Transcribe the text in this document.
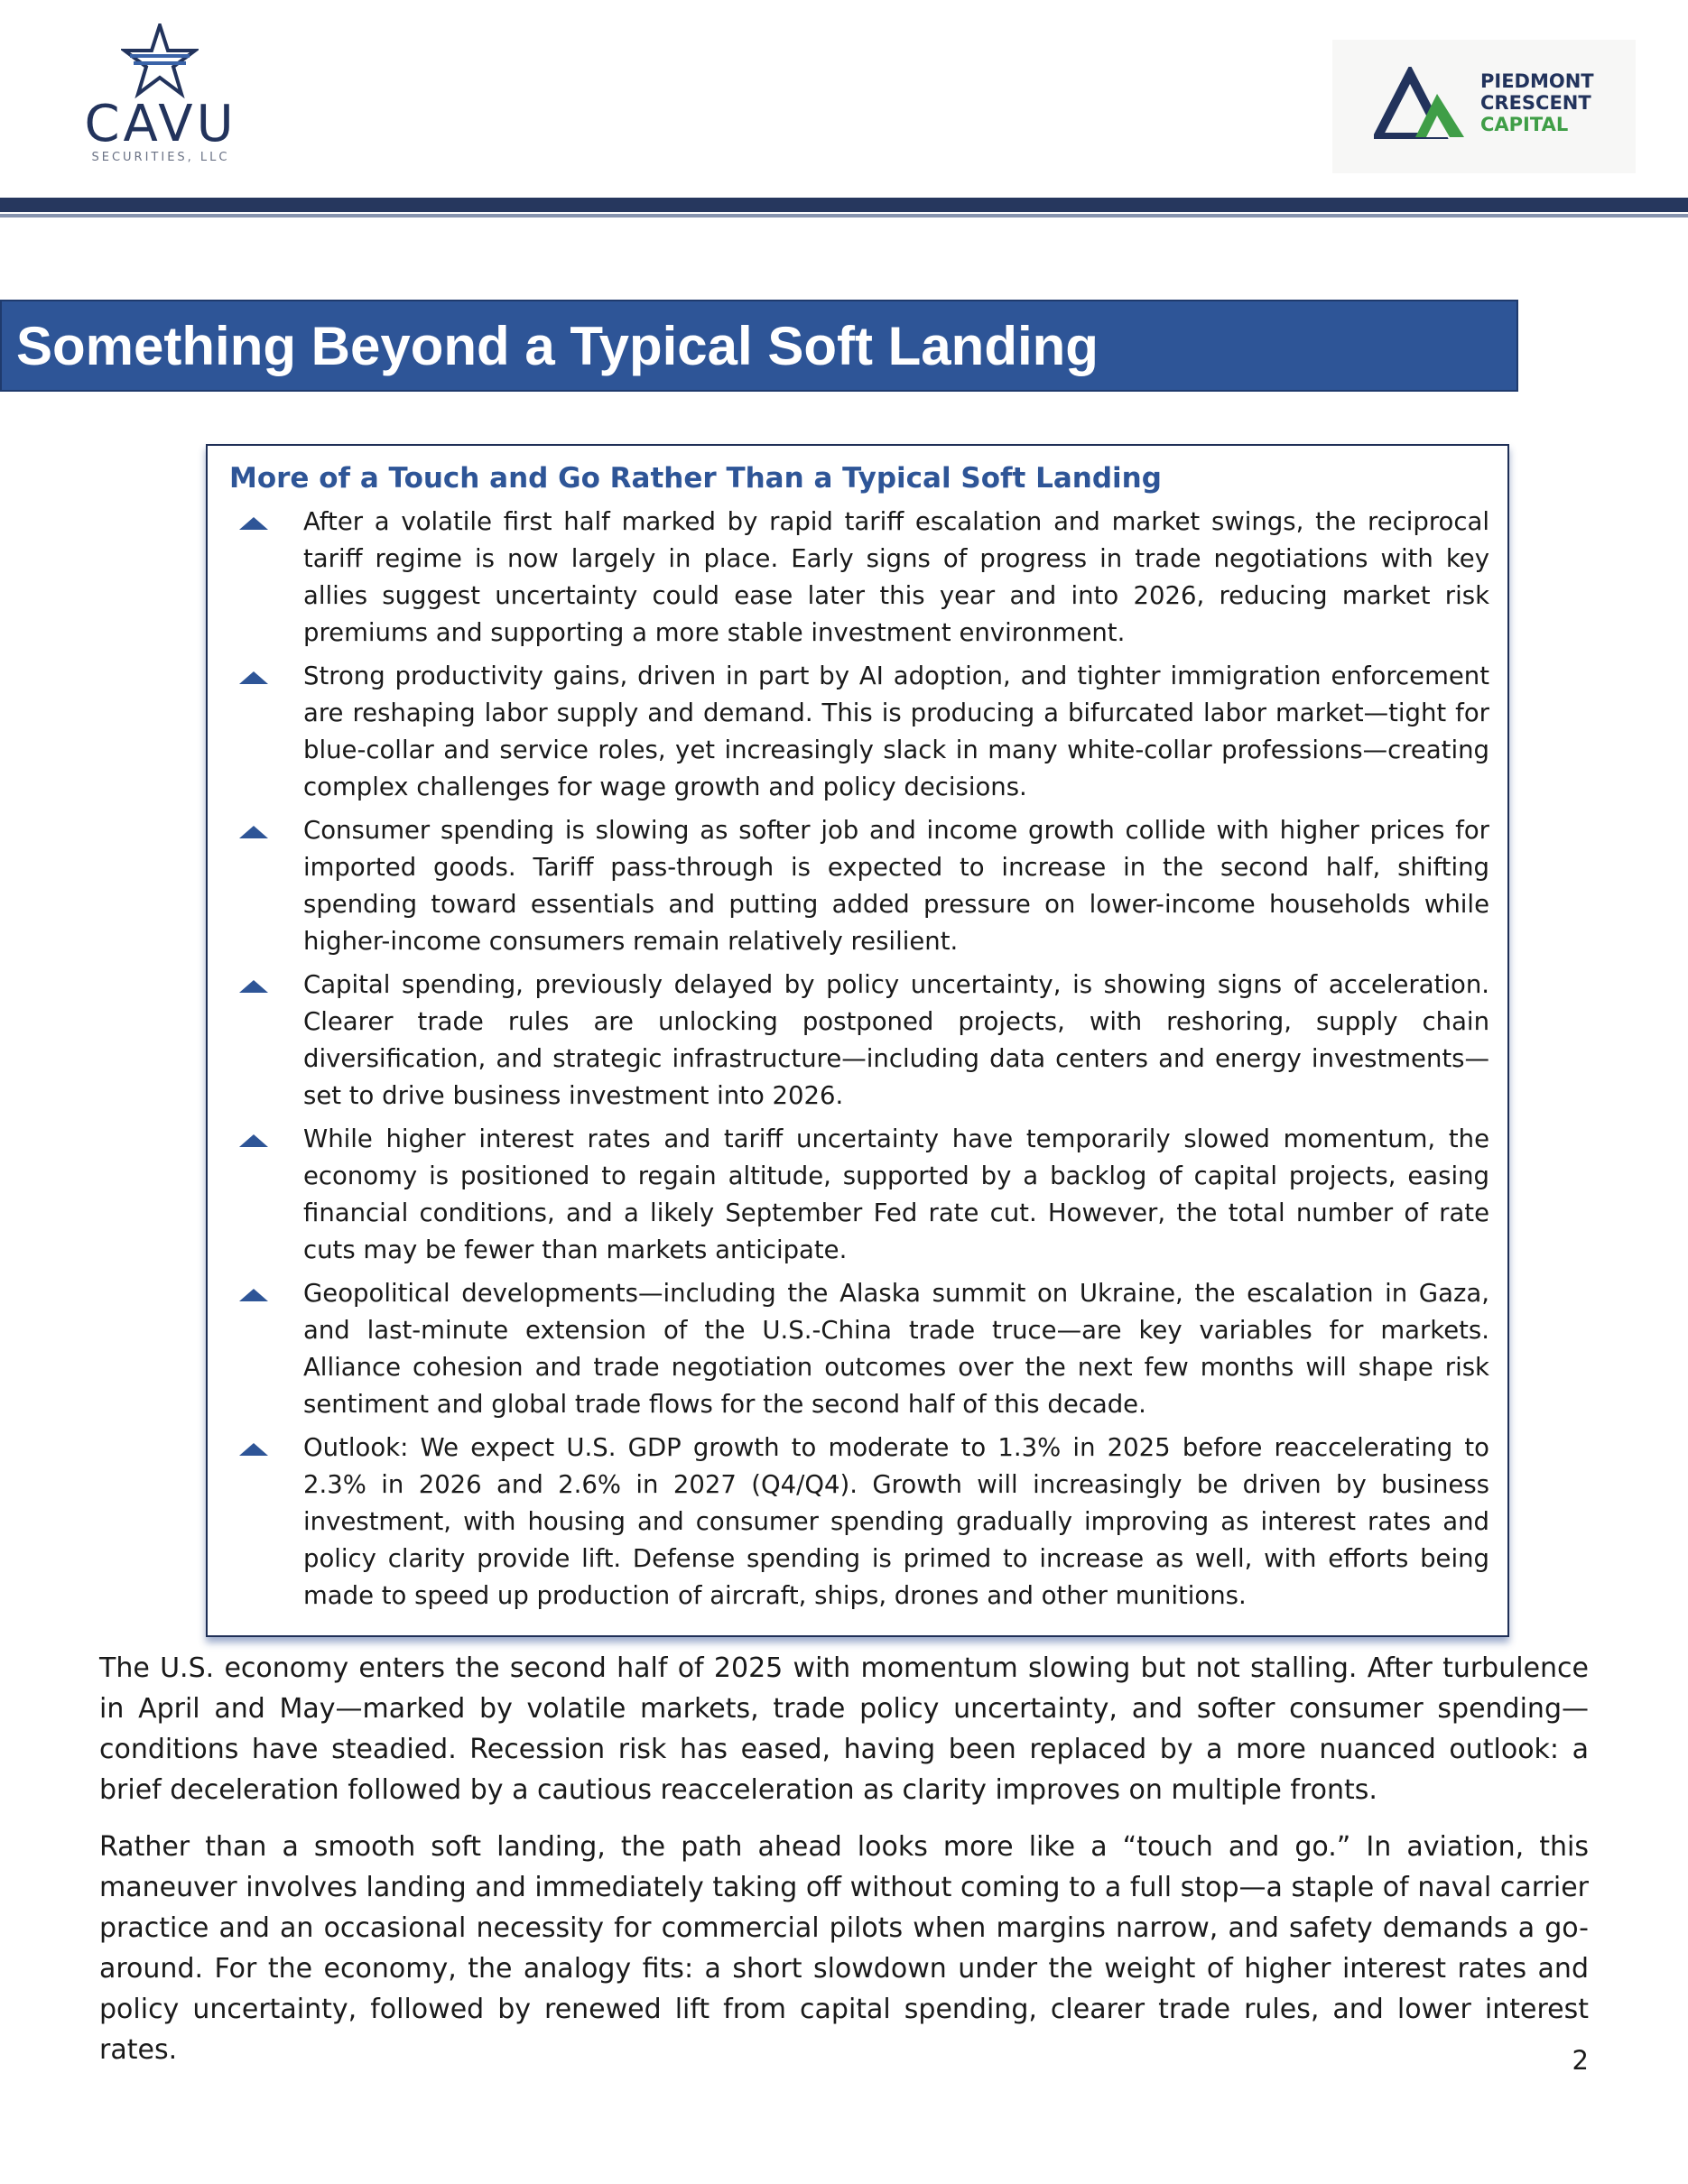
CAVU
SECURITIES, LLC
PIEDMONT
CRESCENT
CAPITAL
Something Beyond a Typical Soft Landing
More of a Touch and Go Rather Than a Typical Soft Landing

After a volatile first half marked by rapid tariff escalation and market swings, the reciprocal tariff regime is now largely in place. Early signs of progress in trade negotiations with key allies suggest uncertainty could ease later this year and into 2026, reducing market risk premiums and supporting a more stable investment environment.

Strong productivity gains, driven in part by AI adoption, and tighter immigration enforcement are reshaping labor supply and demand. This is producing a bifurcated labor market—tight for blue-collar and service roles, yet increasingly slack in many white-collar professions—creating complex challenges for wage growth and policy decisions.

Consumer spending is slowing as softer job and income growth collide with higher prices for imported goods. Tariff pass-through is expected to increase in the second half, shifting spending toward essentials and putting added pressure on lower-income households while higher-income consumers remain relatively resilient.

Capital spending, previously delayed by policy uncertainty, is showing signs of acceleration. Clearer trade rules are unlocking postponed projects, with reshoring, supply chain diversification, and strategic infrastructure—including data centers and energy investments—set to drive business investment into 2026.

While higher interest rates and tariff uncertainty have temporarily slowed momentum, the economy is positioned to regain altitude, supported by a backlog of capital projects, easing financial conditions, and a likely September Fed rate cut. However, the total number of rate cuts may be fewer than markets anticipate.

Geopolitical developments—including the Alaska summit on Ukraine, the escalation in Gaza, and last-minute extension of the U.S.-China trade truce—are key variables for markets. Alliance cohesion and trade negotiation outcomes over the next few months will shape risk sentiment and global trade flows for the second half of this decade.

Outlook: We expect U.S. GDP growth to moderate to 1.3% in 2025 before reaccelerating to 2.3% in 2026 and 2.6% in 2027 (Q4/Q4). Growth will increasingly be driven by business investment, with housing and consumer spending gradually improving as interest rates and policy clarity provide lift. Defense spending is primed to increase as well, with efforts being made to speed up production of aircraft, ships, drones and other munitions.

The U.S. economy enters the second half of 2025 with momentum slowing but not stalling. After turbulence in April and May—marked by volatile markets, trade policy uncertainty, and softer consumer spending—conditions have steadied. Recession risk has eased, having been replaced by a more nuanced outlook: a brief deceleration followed by a cautious reacceleration as clarity improves on multiple fronts.

Rather than a smooth soft landing, the path ahead looks more like a “touch and go.” In aviation, this maneuver involves landing and immediately taking off without coming to a full stop—a staple of naval carrier practice and an occasional necessity for commercial pilots when margins narrow, and safety demands a go-around. For the economy, the analogy fits: a short slowdown under the weight of higher interest rates and policy uncertainty, followed by renewed lift from capital spending, clearer trade rules, and lower interest rates.	2
